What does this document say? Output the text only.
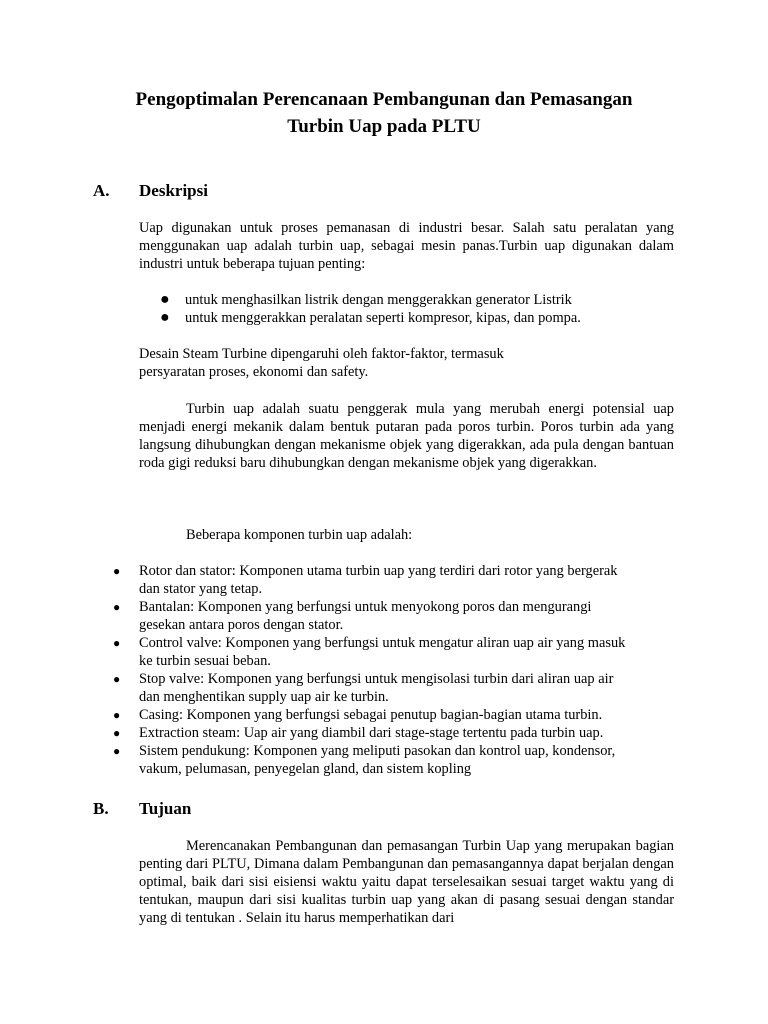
Pengoptimalan Perencanaan Pembangunan dan Pemasangan
Turbin Uap pada PLTU
A. Deskripsi
Uap digunakan untuk proses pemanasan di industri besar. Salah satu peralatan yang menggunakan uap adalah turbin uap, sebagai mesin panas.Turbin uap digunakan dalam industri untuk beberapa tujuan penting:
● untuk menghasilkan listrik dengan menggerakkan generator Listrik
● untuk menggerakkan peralatan seperti kompresor, kipas, dan pompa.
Desain Steam Turbine dipengaruhi oleh faktor-faktor, termasuk
persyaratan proses, ekonomi dan safety.
Turbin uap adalah suatu penggerak mula yang merubah energi potensial uap menjadi energi mekanik dalam bentuk putaran pada poros turbin. Poros turbin ada yang langsung dihubungkan dengan mekanisme objek yang digerakkan, ada pula dengan bantuan roda gigi reduksi baru dihubungkan dengan mekanisme objek yang digerakkan.
Beberapa komponen turbin uap adalah:
● Rotor dan stator: Komponen utama turbin uap yang terdiri dari rotor yang bergerak
dan stator yang tetap.
● Bantalan: Komponen yang berfungsi untuk menyokong poros dan mengurangi
gesekan antara poros dengan stator.
● Control valve: Komponen yang berfungsi untuk mengatur aliran uap air yang masuk
ke turbin sesuai beban.
● Stop valve: Komponen yang berfungsi untuk mengisolasi turbin dari aliran uap air
dan menghentikan supply uap air ke turbin.
● Casing: Komponen yang berfungsi sebagai penutup bagian-bagian utama turbin.
● Extraction steam: Uap air yang diambil dari stage-stage tertentu pada turbin uap.
● Sistem pendukung: Komponen yang meliputi pasokan dan kontrol uap, kondensor,
vakum, pelumasan, penyegelan gland, dan sistem kopling
B. Tujuan
Merencanakan Pembangunan dan pemasangan Turbin Uap yang merupakan bagian penting dari PLTU, Dimana dalam Pembangunan dan pemasangannya dapat berjalan dengan optimal, baik dari sisi eisiensi waktu yaitu dapat terselesaikan sesuai target waktu yang di tentukan, maupun dari sisi kualitas turbin uap yang akan di pasang sesuai dengan standar yang di tentukan . Selain itu harus memperhatikan dari
